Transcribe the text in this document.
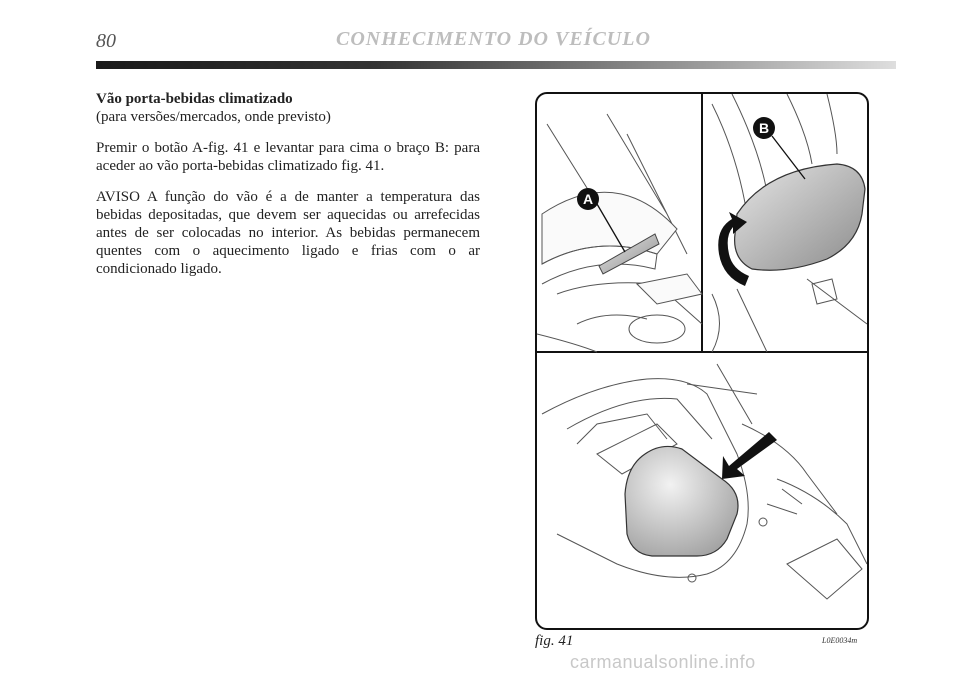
80	CONHECIMENTO DO VEÍCULO

Vão porta-bebidas climatizado
(para versões/mercados, onde previsto)

Premir o botão A-fig. 41 e levantar para cima o braço B: para aceder ao vão porta-bebidas climatizado fig. 41.

AVISO A função do vão é a de manter a temperatura das bebidas depositadas, que devem ser aquecidas ou arrefecidas antes de ser colocadas no interior. As bebidas permanecem quentes com o aquecimento ligado e frias com o ar condicionado ligado.

A
B
fig. 41	L0E0034m
carmanualsonline.info
